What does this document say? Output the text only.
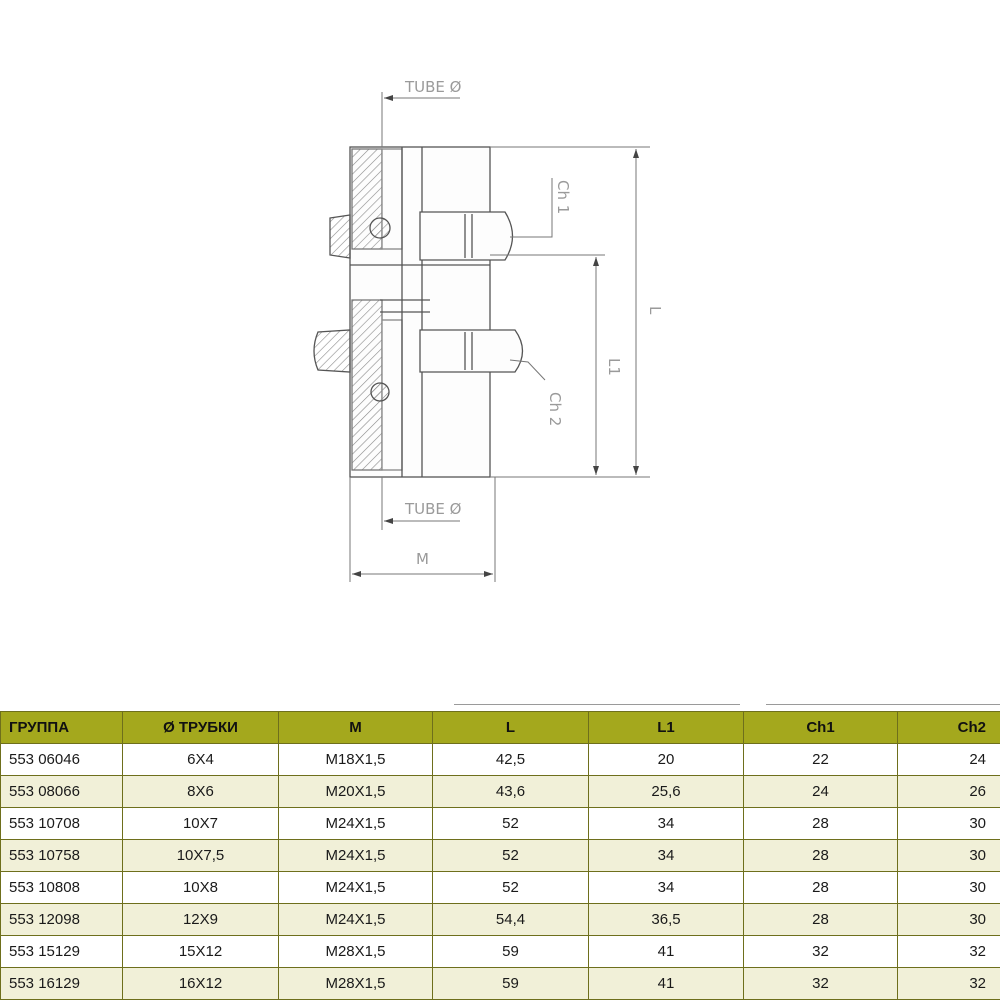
TUBE Ø
TUBE Ø
M
L
L1
Ch 1
Ch 2
ГРУППА	Ø ТРУБКИ	M	L	L1	Ch1	Ch2
553 06046	6X4	M18X1,5	42,5	20	22	24
553 08066	8X6	M20X1,5	43,6	25,6	24	26
553 10708	10X7	M24X1,5	52	34	28	30
553 10758	10X7,5	M24X1,5	52	34	28	30
553 10808	10X8	M24X1,5	52	34	28	30
553 12098	12X9	M24X1,5	54,4	36,5	28	30
553 15129	15X12	M28X1,5	59	41	32	32
553 16129	16X12	M28X1,5	59	41	32	32
